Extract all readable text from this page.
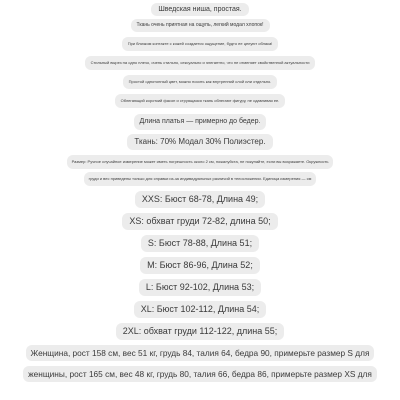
Шведская ниша, простая.
Ткань очень приятная на ощупь, легкий модал хлопок!
При близком контакте с кожей создается ощущение, будто ее целуют облака!
Стильный вырез на одно плечо, очень стильно, сексуально и элегантно, что не отменяет свойственной актуальности
Простой однотонный цвет, можно носить как внутренний слой или отдельно.
Облегающий короткий фасон и струящаяся ткань облегают фигуру, не сдавливая ее.
Длина платья — примерно до бедер.
Ткань: 70% Модал 30% Полиэстер.
Размер: Ручное случайное измерение может иметь погрешность около 2 см, пожалуйста, не покупайте, если вы возражаете. Окружность
груди и вес приведены только для справки из-за индивидуальных различий в телосложении. Единица измерения — см
XXS: Бюст 68-78, Длина 49;
XS: обхват груди 72-82, длина 50;
S: Бюст 78-88, Длина 51;
M: Бюст 86-96, Длина 52;
L: Бюст 92-102, Длина 53;
XL: Бюст 102-112, Длина 54;
2XL: обхват груди 112-122, длина 55;
Женщина, рост 158 см, вес 51 кг, грудь 84, талия 64, бедра 90, примерьте размер S для
женщины, рост 165 см, вес 48 кг, грудь 80, талия 66, бедра 86, примерьте размер XS для
